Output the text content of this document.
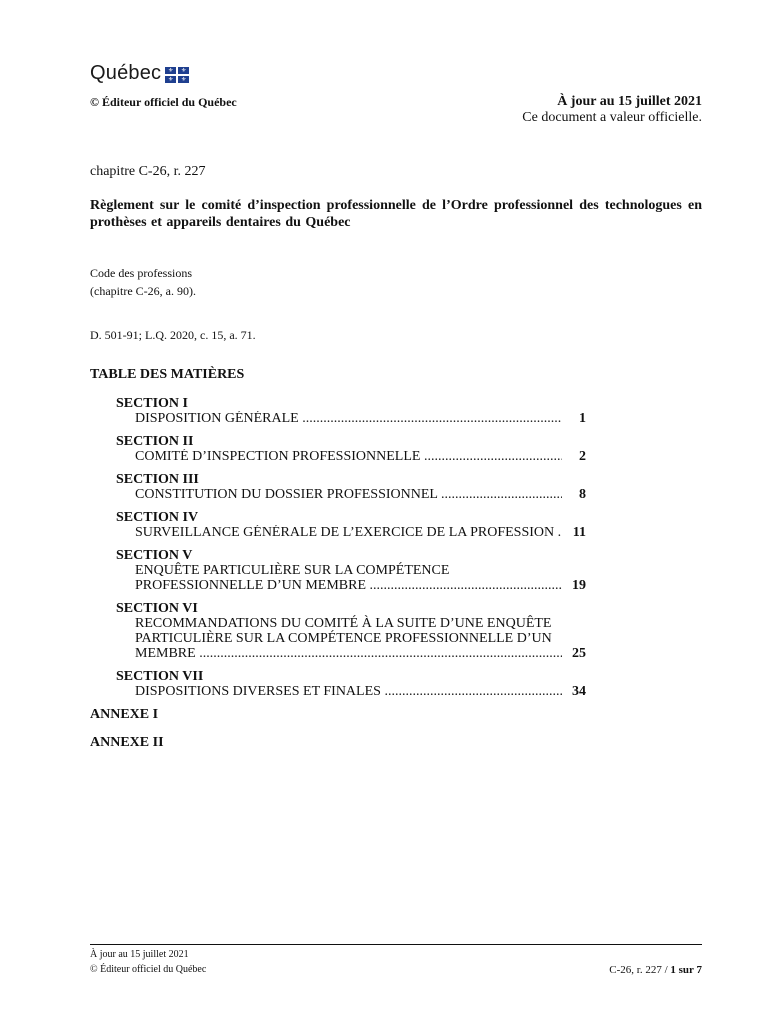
Québec	⚜	⚜
⚜	⚜
© Éditeur officiel du Québec	À jour au 15 juillet 2021
Ce document a valeur officielle.
chapitre C-26, r. 227
Règlement sur le comité d’inspection professionnelle de l’Ordre professionnel des technologues en prothèses et appareils dentaires du Québec
Code des professions
(chapitre C-26, a. 90).
D. 501-91; L.Q. 2020, c. 15, a. 71.
TABLE DES MATIÈRES
SECTION I
DISPOSITION GÉNÉRALE .....	1
SECTION II
COMITÉ D’INSPECTION PROFESSIONNELLE .....	2
SECTION III
CONSTITUTION DU DOSSIER PROFESSIONNEL .....	8
SECTION IV
SURVEILLANCE GÉNÉRALE DE L’EXERCICE DE LA PROFESSION .....	11
SECTION V
ENQUÊTE PARTICULIÈRE SUR LA COMPÉTENCE
PROFESSIONNELLE D’UN MEMBRE .....	19
SECTION VI
RECOMMANDATIONS DU COMITÉ À LA SUITE D’UNE ENQUÊTE
PARTICULIÈRE SUR LA COMPÉTENCE PROFESSIONNELLE D’UN
MEMBRE .....	25
SECTION VII
DISPOSITIONS DIVERSES ET FINALES .....	34
ANNEXE I
ANNEXE II
À jour au 15 juillet 2021
© Éditeur officiel du Québec	C-26, r. 227 / 1 sur 7
